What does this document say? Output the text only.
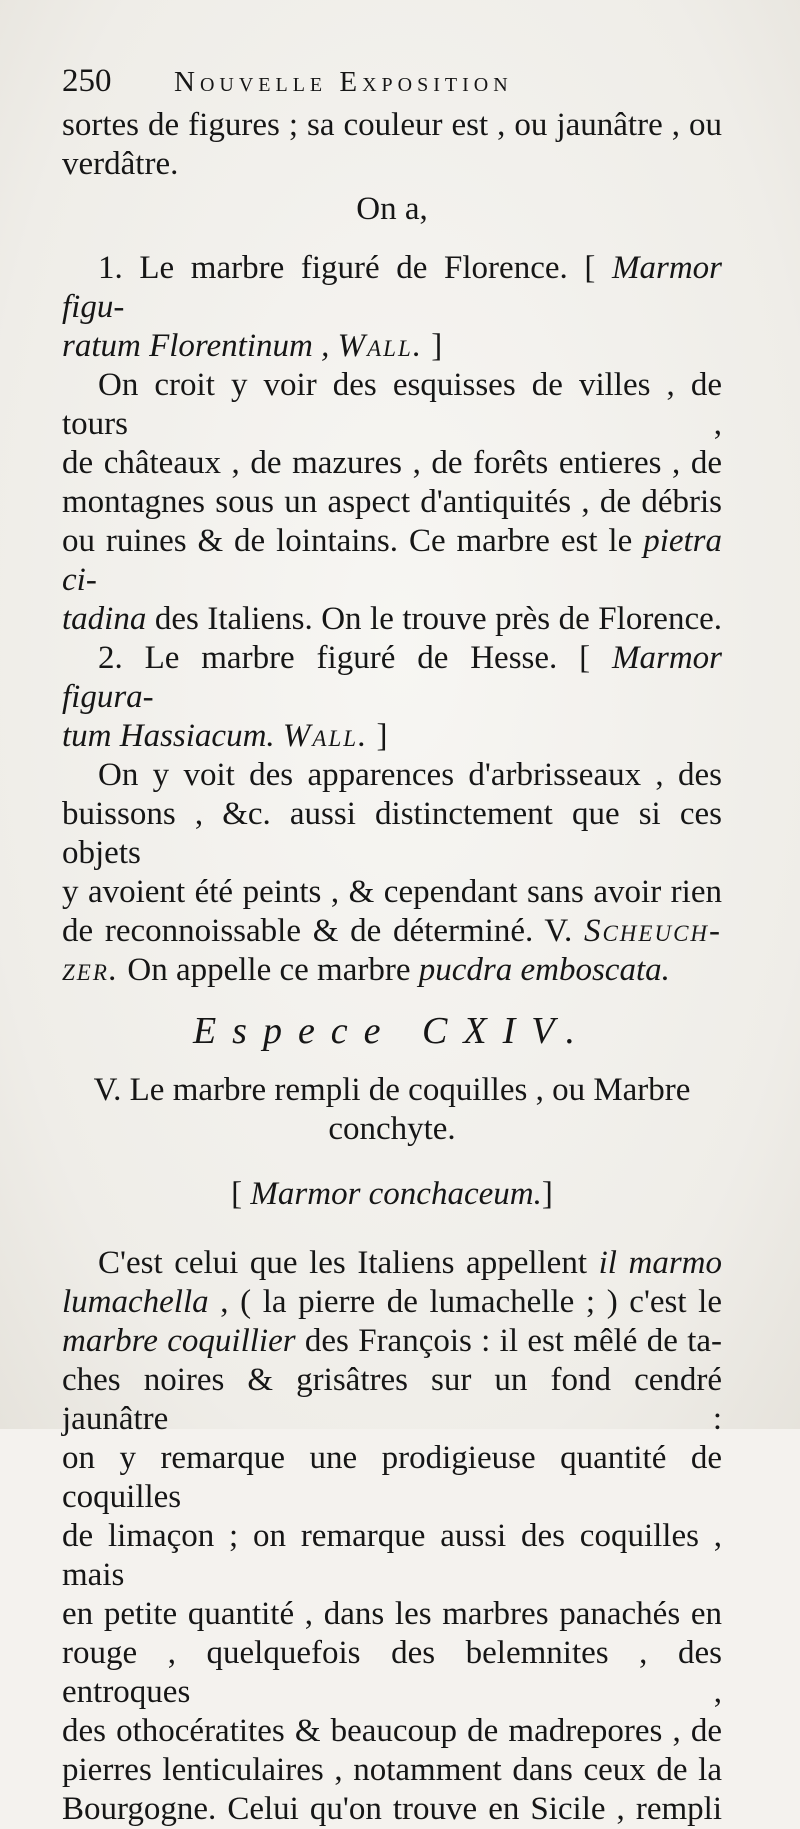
250	Nouvelle Exposition

sortes de figures ; sa couleur est , ou jaunâtre , ou

verdâtre.

On a,

1. Le marbre figuré de Florence. [ Marmor figu-

ratum Florentinum , Wall. ]

On croit y voir des esquisses de villes , de tours ,

de châteaux , de mazures , de forêts entieres , de

montagnes sous un aspect d'antiquités , de débris

ou ruines & de lointains. Ce marbre est le pietra ci-

tadina des Italiens. On le trouve près de Florence.

2. Le marbre figuré de Hesse. [ Marmor figura-

tum Hassiacum. Wall. ]

On y voit des apparences d'arbrisseaux , des

buissons , &c. aussi distinctement que si ces objets

y avoient été peints , & cependant sans avoir rien

de reconnoissable & de déterminé. V. Scheuch-

zer. On appelle ce marbre pucdra emboscata.

Espece CXIV.

V. Le marbre rempli de coquilles , ou Marbre

conchyte.

[ Marmor conchaceum.]

C'est celui que les Italiens appellent il marmo

lumachella , ( la pierre de lumachelle ; ) c'est le

marbre coquillier des François : il est mêlé de ta-

ches noires & grisâtres sur un fond cendré jaunâtre :

on y remarque une prodigieuse quantité de coquilles

de limaçon ; on remarque aussi des coquilles , mais

en petite quantité , dans les marbres panachés en

rouge , quelquefois des belemnites , des entroques ,

des othocératites & beaucoup de madrepores , de

pierres lenticulaires , notamment dans ceux de la

Bourgogne. Celui qu'on trouve en Sicile , rempli
